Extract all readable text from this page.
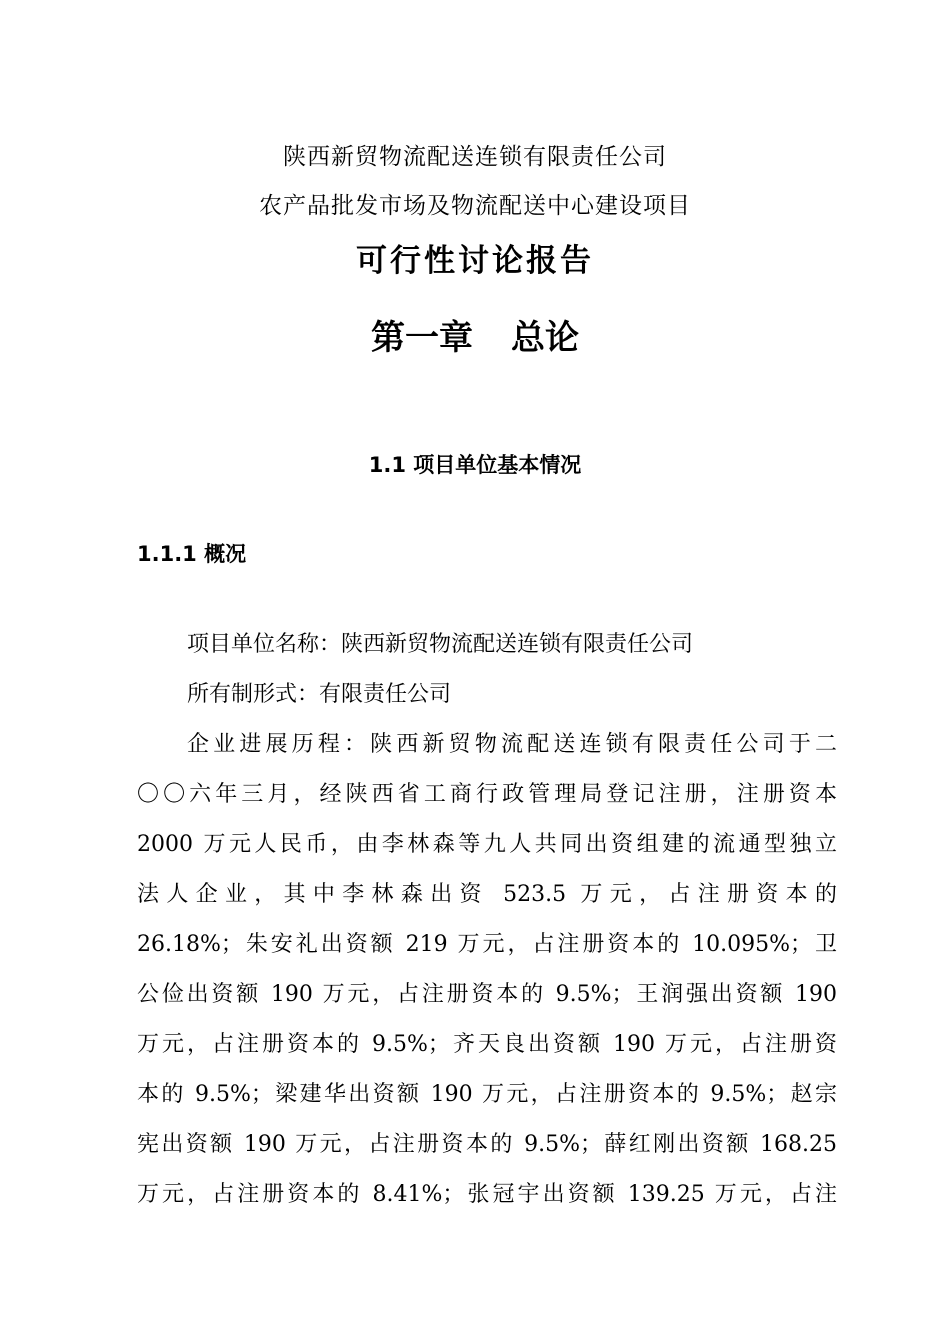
陕西新贸物流配送连锁有限责任公司
农产品批发市场及物流配送中心建设项目
可行性讨论报告
第一章 总论
1.1 项目单位基本情况
1.1.1 概况
项目单位名称：陕西新贸物流配送连锁有限责任公司
所有制形式：有限责任公司
企业进展历程：陕西新贸物流配送连锁有限责任公司于二
〇〇六年三月，经陕西省工商行政管理局登记注册，注册资本
2000 万元人民币，由李林森等九人共同出资组建的流通型独立
法人企业，其中李林森出资 523.5 万元，占注册资本的
26.18%；朱安礼出资额 219 万元，占注册资本的 10.095%；卫
公俭出资额 190 万元，占注册资本的 9.5%；王润强出资额 190
万元，占注册资本的 9.5%；齐天良出资额 190 万元，占注册资
本的 9.5%；梁建华出资额 190 万元，占注册资本的 9.5%；赵宗
宪出资额 190 万元，占注册资本的 9.5%；薛红刚出资额 168.25
万元，占注册资本的 8.41%；张冠宇出资额 139.25 万元，占注
